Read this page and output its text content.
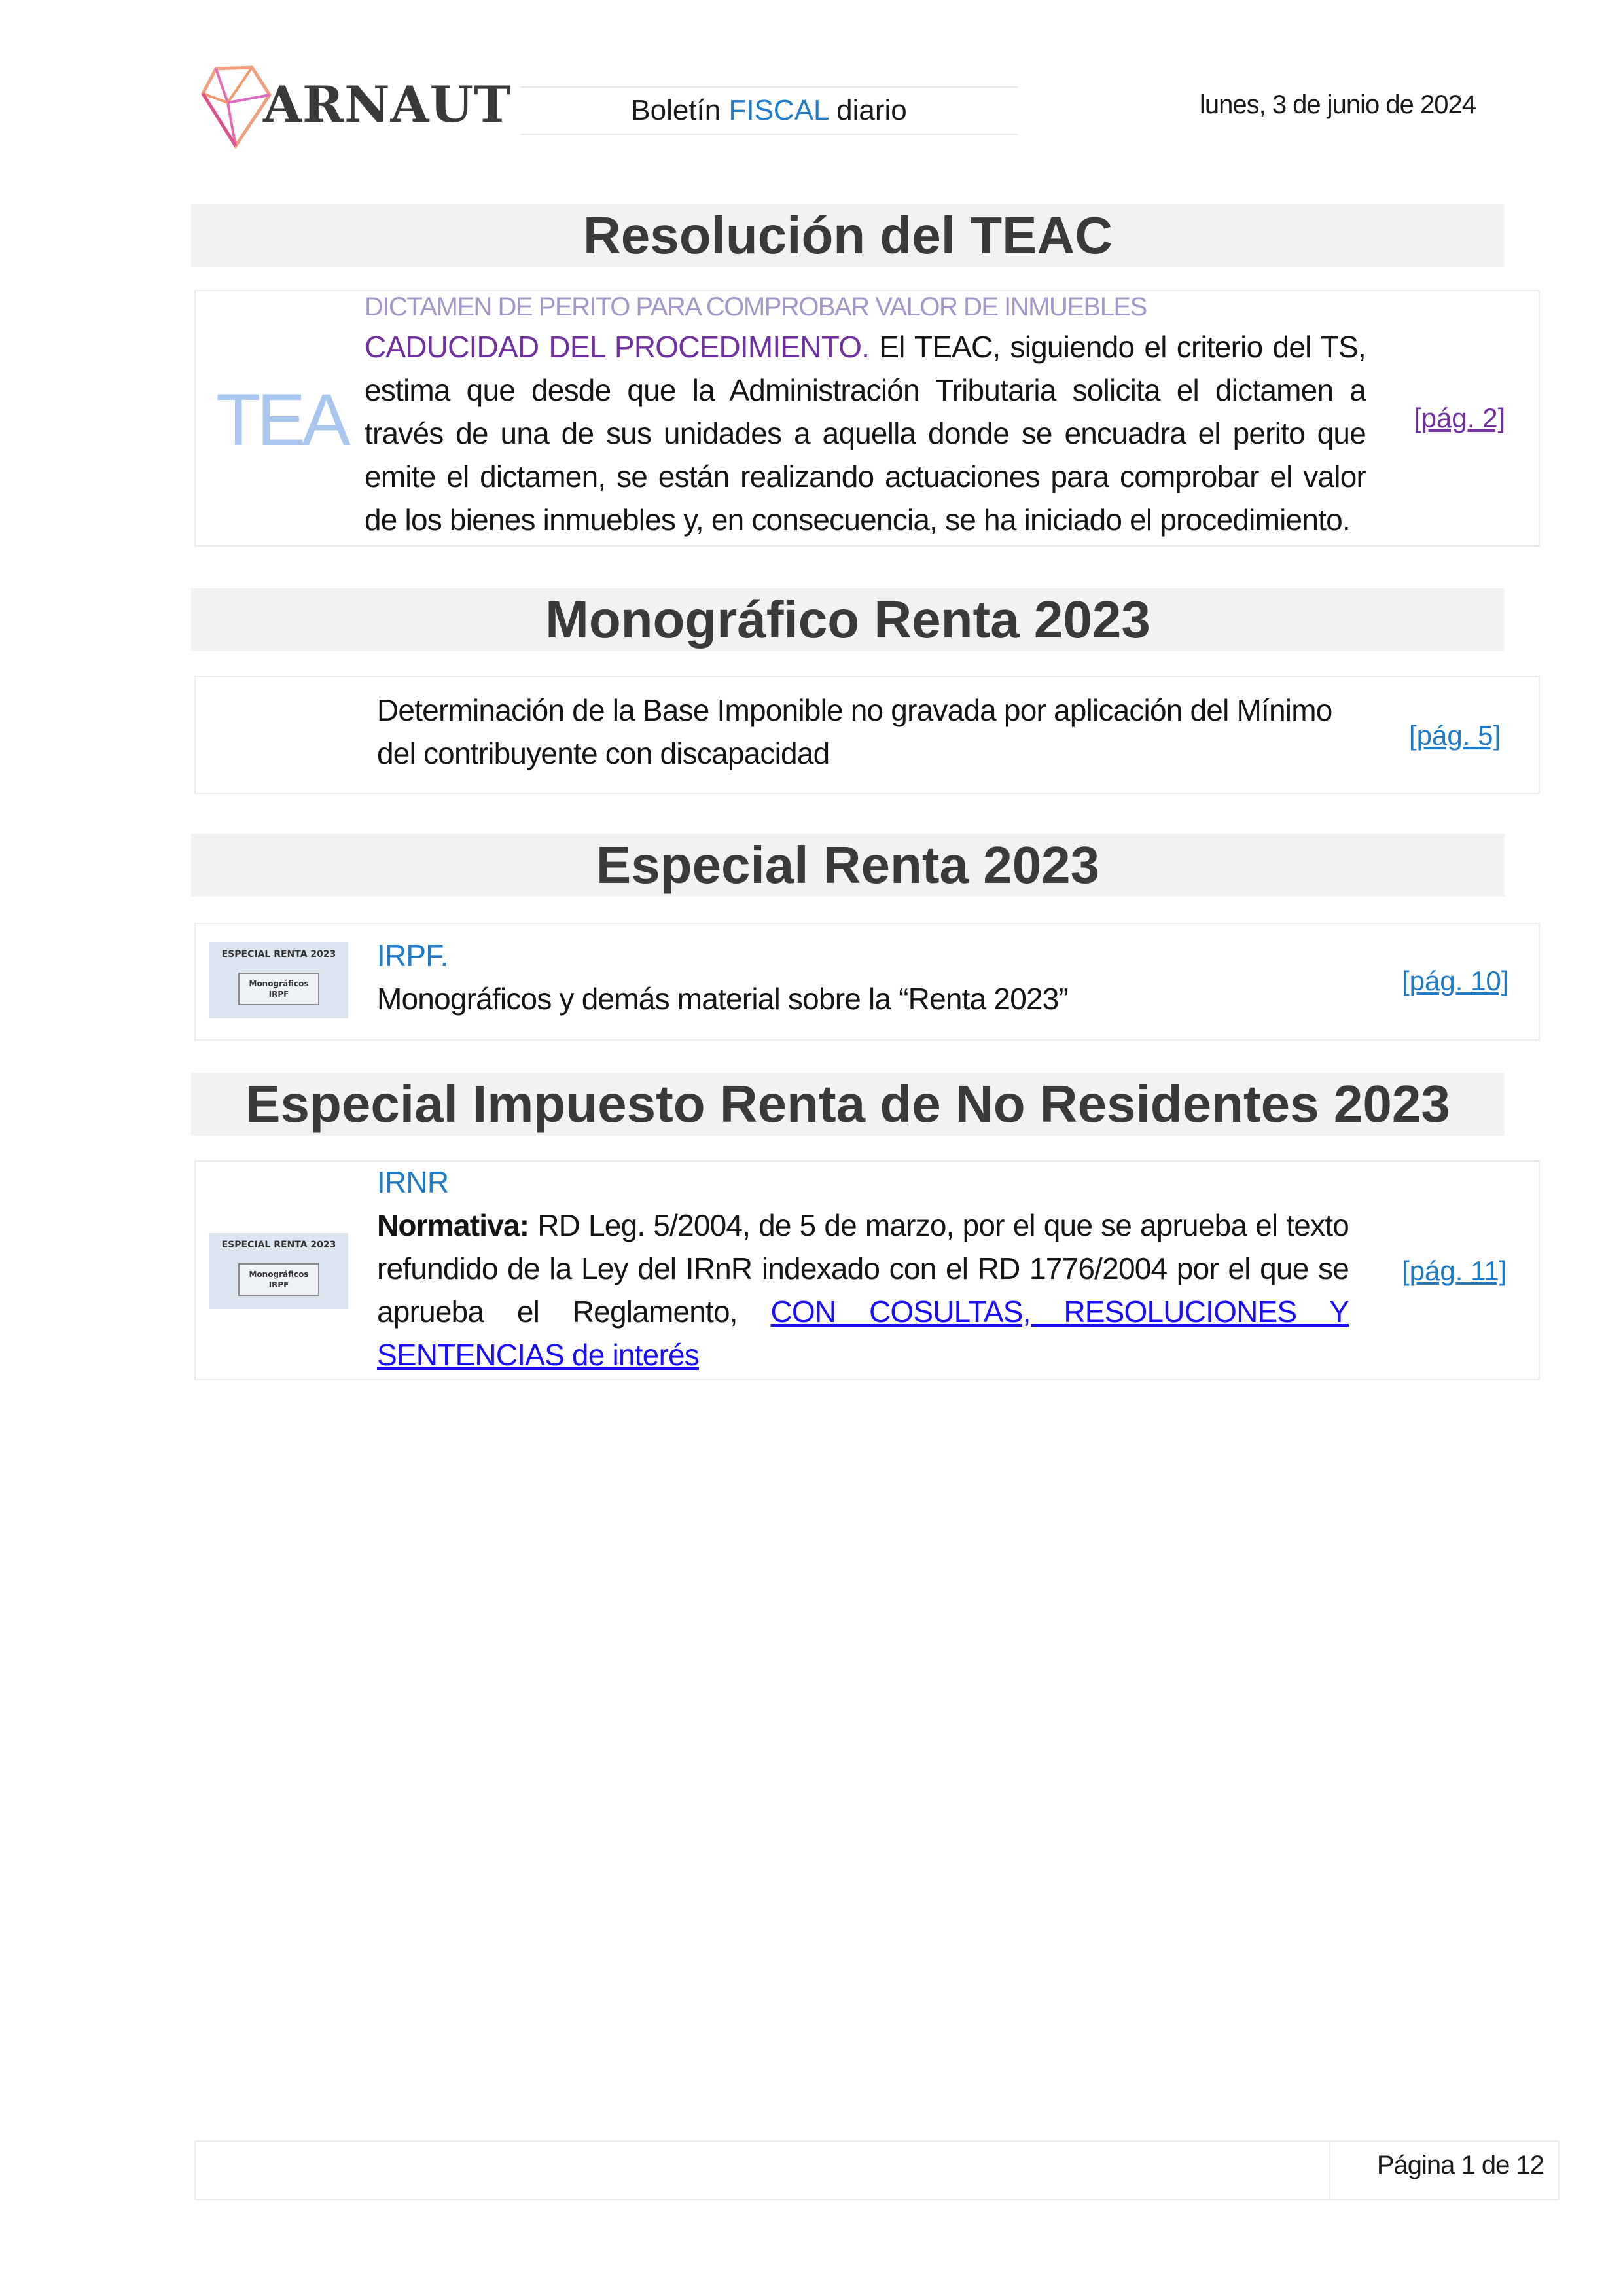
ARNAUT	Boletín FISCAL diario	lunes, 3 de junio de 2024
Resolución del TEAC
TEA
DICTAMEN DE PERITO PARA COMPROBAR VALOR DE INMUEBLES
CADUCIDAD DEL PROCEDIMIENTO. El TEAC, siguiendo el criterio del TS, estima que desde que la Administración Tributaria solicita el dictamen a través de una de sus unidades a aquella donde se encuadra el perito que emite el dictamen, se están realizando actuaciones para comprobar el valor de los bienes inmuebles y, en consecuencia, se ha iniciado el procedimiento.
[pág. 2]
Monográfico Renta 2023
Determinación de la Base Imponible no gravada por aplicación del Mínimo del contribuyente con discapacidad
[pág. 5]
Especial Renta 2023
ESPECIAL RENTA 2023
Monográficos
IRPF
IRPF.
Monográficos y demás material sobre la “Renta 2023”
[pág. 10]
Especial Impuesto Renta de No Residentes 2023
ESPECIAL RENTA 2023
Monográficos
IRPF
IRNR
Normativa: RD Leg. 5/2004, de 5 de marzo, por el que se aprueba el texto refundido de la Ley del IRnR indexado con el RD 1776/2004 por el que se aprueba el Reglamento, CON COSULTAS, RESOLUCIONES Y SENTENCIAS de interés
[pág. 11]
Página 1 de 12
